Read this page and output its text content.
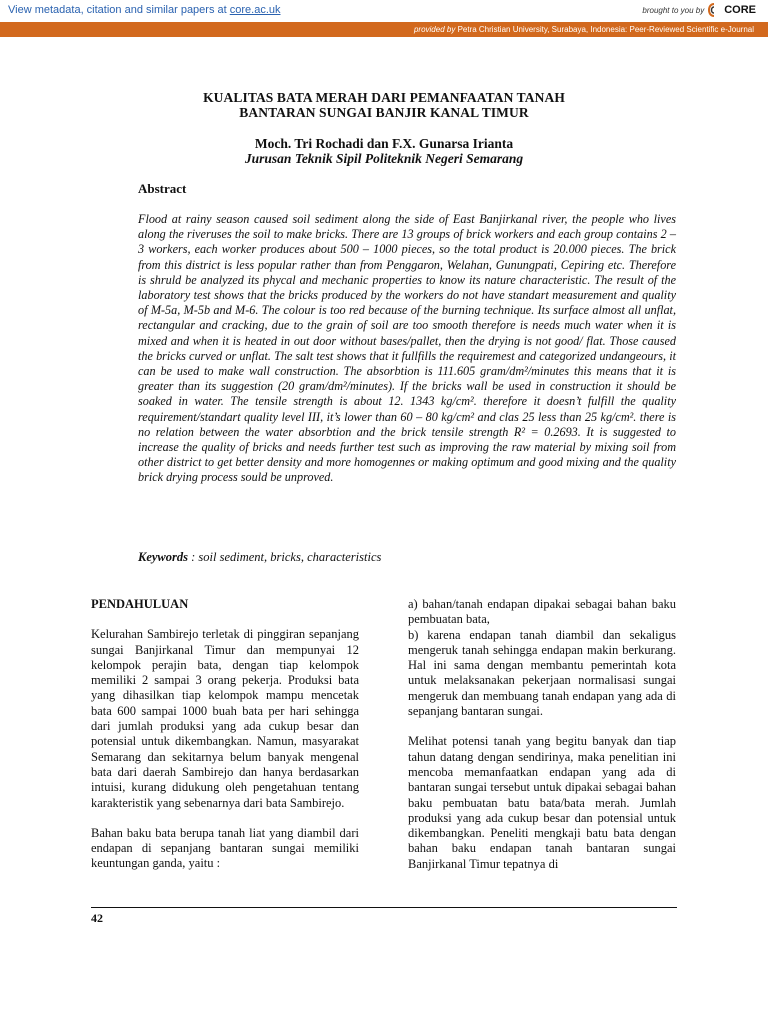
View metadata, citation and similar papers at core.ac.uk	brought to you by CORE
provided by Petra Christian University, Surabaya, Indonesia: Peer-Reviewed Scientific e-Journal
KUALITAS BATA MERAH DARI PEMANFAATAN TANAH
BANTARAN SUNGAI BANJIR KANAL TIMUR
Moch. Tri Rochadi dan F.X. Gunarsa Irianta
Jurusan Teknik Sipil Politeknik Negeri Semarang
Abstract
Flood at rainy season caused soil sediment along the side of East Banjirkanal river, the people who lives along the riveruses the soil to make bricks. There are 13 groups of brick workers and each group contains 2 – 3 workers, each worker produces about 500 – 1000 pieces, so the total product is 20.000 pieces. The brick from this district is less popular rather than from Penggaron, Welahan, Gunungpati, Cepiring etc. Therefore is shruld be analyzed its phycal and mechanic properties to know its nature characteristic. The result of the laboratory test shows that the bricks produced by the workers do not have standart measurement and quality of M-5a, M-5b and M-6. The colour is too red because of the burning technique. Its surface almost all unflat, rectangular and cracking, due to the grain of soil are too smooth therefore is needs much water when it is mixed and when it is heated in out door without bases/pallet, then the drying is not good/ flat. Those caused the bricks curved or unflat. The salt test shows that it fullfills the requiremest and categorized undangeours, it can be used to make wall construction. The absorbtion is 111.605 gram/dm²/minutes this means that it is greater than its suggestion (20 gram/dm²/minutes). If the bricks wall be used in construction it should be soaked in water. The tensile strength is about 12. 1343 kg/cm². therefore it doesn’t fulfill the quality requirement/standart quality level III, it’s lower than 60 – 80 kg/cm² and clas 25 less than 25 kg/cm². there is no relation between the water absorbtion and the brick tensile strength R² = 0.2693. It is suggested to increase the quality of bricks and needs further test such as improving the raw material by mixing soil from other district to get better density and more homogennes or making optimum and good mixing and the quality brick drying process sould be unproved.
Keywords : soil sediment, bricks, characteristics
PENDAHULUAN

Kelurahan Sambirejo terletak di pinggiran sepanjang sungai Banjirkanal Timur dan mempunyai 12 kelompok perajin bata, dengan tiap kelompok memiliki 2 sampai 3 orang pekerja. Produksi bata yang dihasilkan tiap kelompok mampu mencetak bata 600 sampai 1000 buah bata per hari sehingga dari jumlah produksi yang ada cukup besar dan potensial untuk dikembangkan. Namun, masyarakat Semarang dan sekitarnya belum banyak mengenal bata dari daerah Sambirejo dan hanya berdasarkan intuisi, kurang didukung oleh pengetahuan tentang karakteristik yang sebenarnya dari bata Sambirejo.

Bahan baku bata berupa tanah liat yang diambil dari endapan di sepanjang bantaran sungai memiliki keuntungan ganda, yaitu :

a) bahan/tanah endapan dipakai sebagai bahan baku pembuatan bata,

b) karena endapan tanah diambil dan sekaligus mengeruk tanah sehingga endapan makin berkurang. Hal ini sama dengan membantu pemerintah kota untuk melaksanakan pekerjaan normalisasi sungai mengeruk dan membuang tanah endapan yang ada di sepanjang bantaran sungai.

Melihat potensi tanah yang begitu banyak dan tiap tahun datang dengan sendirinya, maka penelitian ini mencoba memanfaatkan endapan yang ada di bantaran sungai tersebut untuk dipakai sebagai bahan baku pembuatan batu bata/bata merah. Jumlah produksi yang ada cukup besar dan potensial untuk dikembangkan. Peneliti mengkaji batu bata dengan bahan baku endapan tanah bantaran sungai Banjirkanal Timur tepatnya di

42
